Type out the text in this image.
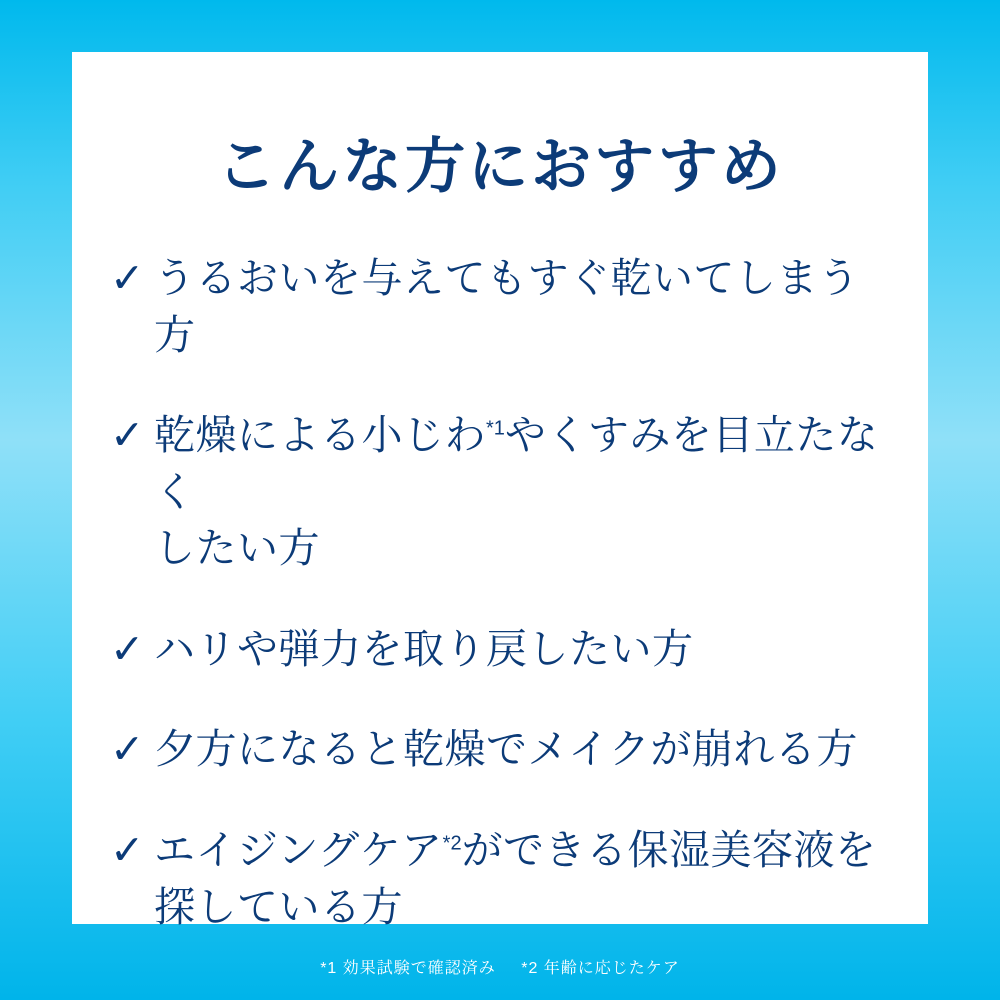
こんな方におすすめ
✓ うるおいを与えてもすぐ乾いてしまう方
✓ 乾燥による小じわ$^{*1}$やくすみを目立たなく
したい方
✓ ハリや弾力を取り戻したい方
✓ 夕方になると乾燥でメイクが崩れる方
✓ エイジングケア$^{*2}$ができる保湿美容液を
探している方
*1 効果試験で確認済み *2 年齢に応じたケア
